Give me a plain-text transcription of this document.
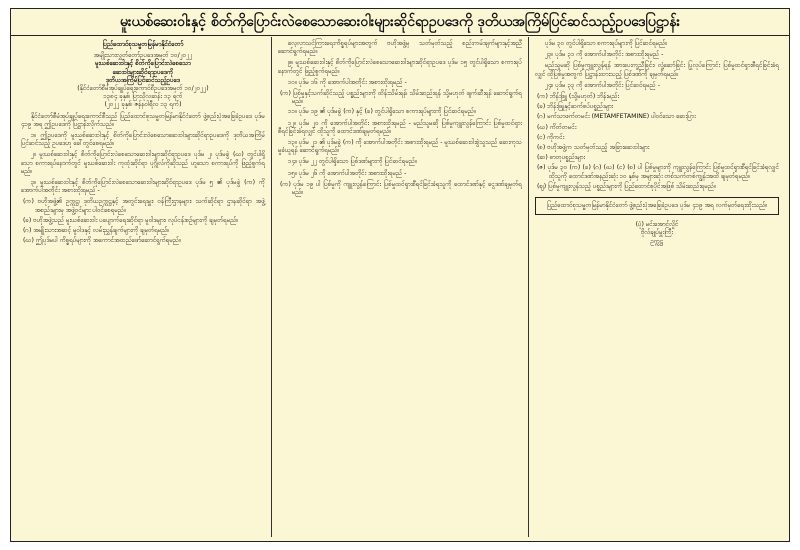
မူးယစ်ဆေးဝါးနှင့် စိတ်ကိုပြောင်းလဲစေသောဆေးဝါးများဆိုင်ရာဥပဒေကို ဒုတိယအကြိမ်ပြင်ဆင်သည့်ဥပဒေပြဋ္ဌာန်း
ပြည်ထောင်စုသမ္မတမြန်မာနိုင်ငံတော်
အမျိုးသားလွှတ်တော်ဥပဒေအမှတ် ၁၀/၂၀၂၂
မူးယစ်ဆေးဝါးနှင့် စိတ်ကိုပြောင်းလဲစေသော
ဆေးဝါးများဆိုင်ရာဥပဒေကို
ဒုတိယအကြိမ်ပြင်ဆင်သည့်ဥပဒေ
(နိုင်ငံတော်စီမံအုပ်ချုပ်ရေးကောင်စီဥပဒေအမှတ် ၁၀/၂၀၂၂)
၁၃၈၄ ခုနှစ်၊ ပြာသိုလဆန်း ၁၃ ရက်
(၂၀၂၂ ခုနှစ်၊ ဇန်နဝါရီလ ၁၃ ရက်)

နိုင်ငံတော်စီမံအုပ်ချုပ်ရေးကောင်စီသည် ပြည်ထောင်စုသမ္မတမြန်မာနိုင်ငံတော် ဖွဲ့စည်းပုံအခြေခံဥပဒေ ပုဒ်မ ၄၁၉ အရ ဤဥပဒေကို ပြဋ္ဌာန်းလိုက်သည်။

၁။ ဤဥပဒေကို မူးယစ်ဆေးဝါးနှင့် စိတ်ကိုပြောင်းလဲစေသောဆေးဝါးများဆိုင်ရာဥပဒေကို ဒုတိယအကြိမ်ပြင်ဆင်သည့် ဥပဒေဟု ခေါ်တွင်စေရမည်။

၂။ မူးယစ်ဆေးဝါးနှင့် စိတ်ကိုပြောင်းလဲစေသောဆေးဝါးများဆိုင်ရာဥပဒေ ပုဒ်မ ၂၊ ပုဒ်မခွဲ (ဃ) တွင်ပါရှိသော စကားရပ်နောက်တွင် မူးယစ်ဆေးဝါး ကုထုံးဆိုင်ရာ ပုဂ္ဂိုလ်ကိုဆိုသည် ဟူသော စကားရပ်ကို ဖြည့်စွက်ရမည်။

၃။ မူးယစ်ဆေးဝါးနှင့် စိတ်ကိုပြောင်းလဲစေသောဆေးဝါးများဆိုင်ရာဥပဒေ ပုဒ်မ ၅ ၏ ပုဒ်မခွဲ (က) ကို အောက်ပါအတိုင်း အစားထိုးရမည် -

(က) ဗဟိုအဖွဲ့၏ ဥက္ကဋ္ဌ၊ ဒုတိယဥက္ကဋ္ဌနှင့် အတွင်းရေးမှူး၊ ဝန်ကြီးဌာနများ၊ သက်ဆိုင်ရာ ဌာနဆိုင်ရာ အဖွဲ့အစည်းများမှ အဖွဲ့ဝင်များ ပါဝင်စေရမည်။

(ခ) ဗဟိုအဖွဲ့သည် မူးယစ်ဆေးဝါး ပပျောက်ရေးဆိုင်ရာ မူဝါဒများ၊ လုပ်ငန်းစဉ်များကို ချမှတ်ရမည်။

(ဂ) အမျိုးသားအဆင့် မူဝါဒနှင့် လမ်းညွှန်ချက်များကို ချမှတ်ရမည်။

(ဃ) ဤပုဒ်မပါ ကိစ္စရပ်များကို အကောင်အထည်ဖော်ဆောင်ရွက်ရမည်။

လေ့လာသင်ကြားရေးကိစ္စရပ်များအတွက် ဗဟိုအဖွဲ့မှ သတ်မှတ်သည့် စည်းကမ်းချက်များနှင့်အညီ ဆောင်ရွက်ရမည်။

၉။ မူးယစ်ဆေးဝါးနှင့် စိတ်ကိုပြောင်းလဲစေသောဆေးဝါးများဆိုင်ရာဥပဒေ ပုဒ်မ ၁၅ တွင်ပါရှိသော စကားရပ်နောက်တွင် ဖြည့်စွက်ရမည်။

၁၀။ ပုဒ်မ ၁၆ ကို အောက်ပါအတိုင်း အစားထိုးရမည် -

(က) ပြစ်မှုနှင့်သက်ဆိုင်သည့် ပစ္စည်းများကို ထိန်းသိမ်းရန်၊ သိမ်းဆည်းရန် သို့မဟုတ် ဖျက်ဆီးရန် ဆောင်ရွက်ရမည်။

၁၁။ ပုဒ်မ ၁၉ ၏ ပုဒ်မခွဲ (က) နှင့် (ခ) တွင်ပါရှိသော စကားရပ်များကို ပြင်ဆင်ရမည်။

၁၂။ ပုဒ်မ ၂၀ ကို အောက်ပါအတိုင်း အစားထိုးရမည် - မည်သူမဆို ပြစ်မှုကျူးလွန်ကြောင်း ပြစ်မှုထင်ရှားစီရင်ခြင်းခံရလျှင် ထိုသူကို ထောင်ဒဏ်ချမှတ်ရမည်။

၁၃။ ပုဒ်မ ၂၁ ၏ ပုဒ်မခွဲ (က) ကို အောက်ပါအတိုင်း အစားထိုးရမည် - မူးယစ်ဆေးဝါးစွဲသူသည် ဆေးကုသမှုခံယူရန် ဆောင်ရွက်ရမည်။

၁၄။ ပုဒ်မ ၂၂ တွင်ပါရှိသော ပြစ်ဒဏ်များကို ပြင်ဆင်ရမည်။

၁၅။ ပုဒ်မ ၂၆ ကို အောက်ပါအတိုင်း အစားထိုးရမည် -

(က) ပုဒ်မ ၁၉ ပါ ပြစ်မှုကို ကျူးလွန်ကြောင်း ပြစ်မှုထင်ရှားစီရင်ခြင်းခံရသူကို ထောင်ဒဏ်နှင့် ငွေဒဏ်ချမှတ်ရမည်။

ပုဒ်မ ၃၀ တွင်ပါရှိသော စကားရပ်များကို ပြင်ဆင်ရမည်။

၂၃။ ပုဒ်မ ၃၁ ကို အောက်ပါအတိုင်း အစားထိုးရမည် -

မည်သူမဆို ပြစ်မှုကျူးလွန်ရန် အားပေးကူညီခြင်း၊ လှုံ့ဆော်ခြင်း ပြုလုပ်ကြောင်း ပြစ်မှုထင်ရှားစီရင်ခြင်းခံရလျှင် ထိုပြစ်မှုအတွက် ပြဋ္ဌာန်းထားသည့် ပြစ်ဒဏ်ကို ချမှတ်ရမည်။

၂၄။ ပုဒ်မ ၃၃ ကို အောက်ပါအတိုင်း ပြင်ဆင်ရမည် -

(က) ဘိန်းဖြူ (သို့မဟုတ်) ဘိန်းမည်း

(ခ) ဘိန်းဖြူနှင့်ဆက်စပ်ပစ္စည်းများ

(ဂ) မက်သာဖက်တမင်း (METAMFETAMINE) ပါဝင်သော ဆေးပြား

(ဃ) ကိတ်တမင်း

(င) ကိုကင်း

(စ) ဗဟိုအဖွဲ့က သတ်မှတ်သည့် အခြားဆေးဝါးများ

(ဆ) ဓာတုပစ္စည်းများ

(ဇ) ပုဒ်မ ၃၀ (က) (ခ) (ဂ) (ဃ) (င) (စ) ပါ ပြစ်မှုများကို ကျူးလွန်ကြောင်း ပြစ်မှုထင်ရှားစီရင်ခြင်းခံရလျှင် ထိုသူကို ထောင်ဒဏ်အနည်းဆုံး ၁၀ နှစ်မှ အများဆုံး တစ်သက်တစ်ကျွန်းအထိ ချမှတ်ရမည်။

(ဈ) ပြစ်မှုကျူးလွန်သည့် ပစ္စည်းများကို ပြည်ထောင်စုပိုင်အဖြစ် သိမ်းဆည်းရမည်။

ပြည်ထောင်စုသမ္မတမြန်မာနိုင်ငံတော် ဖွဲ့စည်းပုံအခြေခံဥပဒေ ပုဒ်မ ၄၁၉ အရ လက်မှတ်ရေးထိုးသည်။
(ပုံ) မင်းအောင်လှိုင်
ဗိုလ်ချုပ်မှူးကြီး
ဥက္ကဋ္ဌ
